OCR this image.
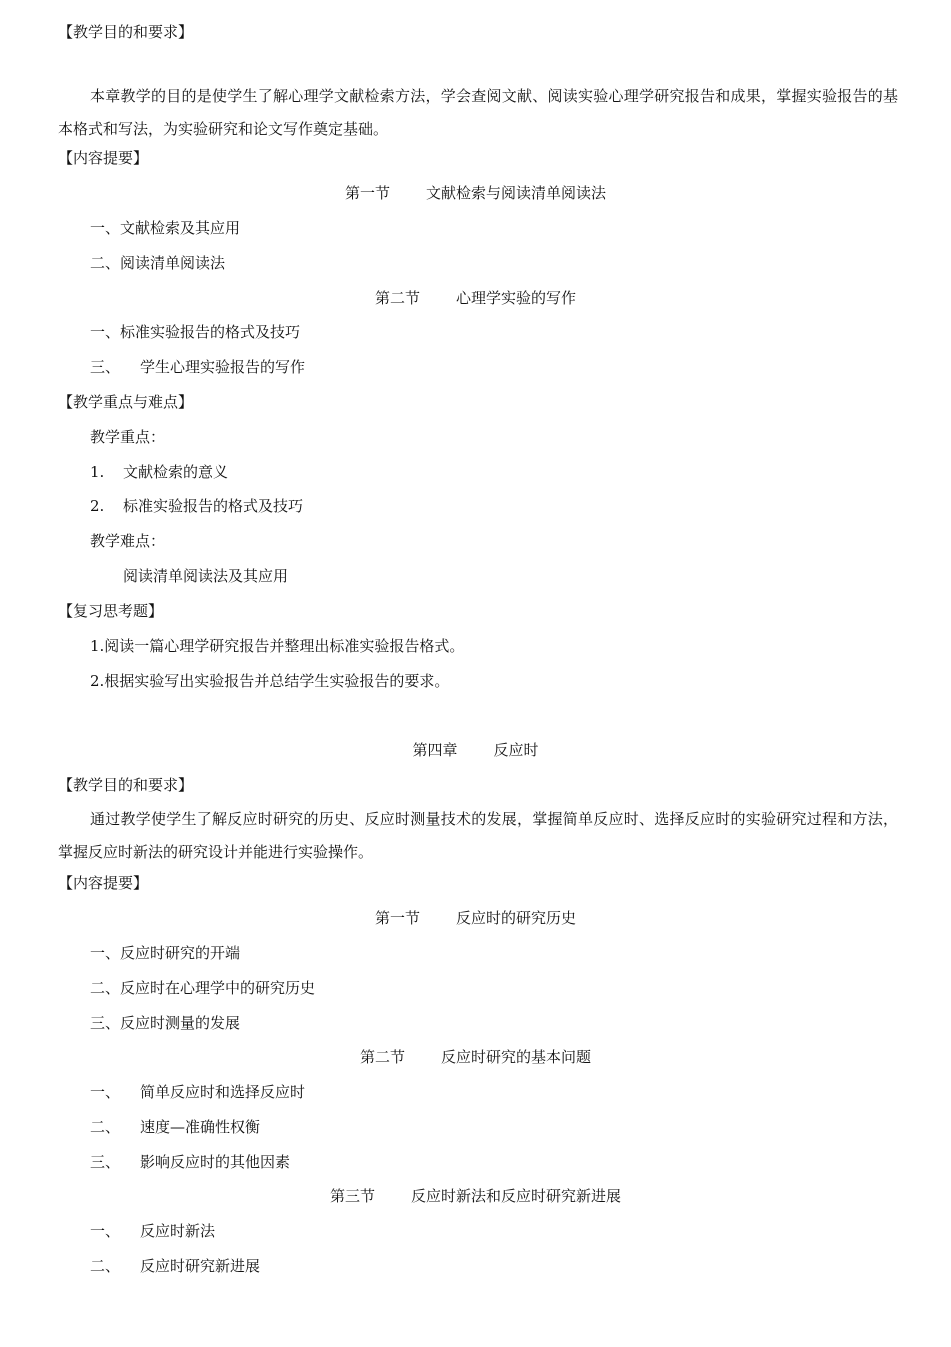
【教学目的和要求】
本章教学的目的是使学生了解心理学文献检索方法，学会查阅文献、阅读实验心理学研究报告和成果，掌握实验报告的基本格式和写法，为实验研究和论文写作奠定基础。
【内容提要】
第一节 文献检索与阅读清单阅读法
一、文献检索及其应用
二、阅读清单阅读法
第二节 心理学实验的写作
一、标准实验报告的格式及技巧
三、 学生心理实验报告的写作
【教学重点与难点】
教学重点：
1. 文献检索的意义
2. 标准实验报告的格式及技巧
教学难点：
阅读清单阅读法及其应用
【复习思考题】
1.阅读一篇心理学研究报告并整理出标准实验报告格式。
2.根据实验写出实验报告并总结学生实验报告的要求。
第四章 反应时
【教学目的和要求】
通过教学使学生了解反应时研究的历史、反应时测量技术的发展，掌握简单反应时、选择反应时的实验研究过程和方法，掌握反应时新法的研究设计并能进行实验操作。
【内容提要】
第一节 反应时的研究历史
一、反应时研究的开端
二、反应时在心理学中的研究历史
三、反应时测量的发展
第二节 反应时研究的基本问题
一、 简单反应时和选择反应时
二、 速度—准确性权衡
三、 影响反应时的其他因素
第三节 反应时新法和反应时研究新进展
一、 反应时新法
二、 反应时研究新进展
